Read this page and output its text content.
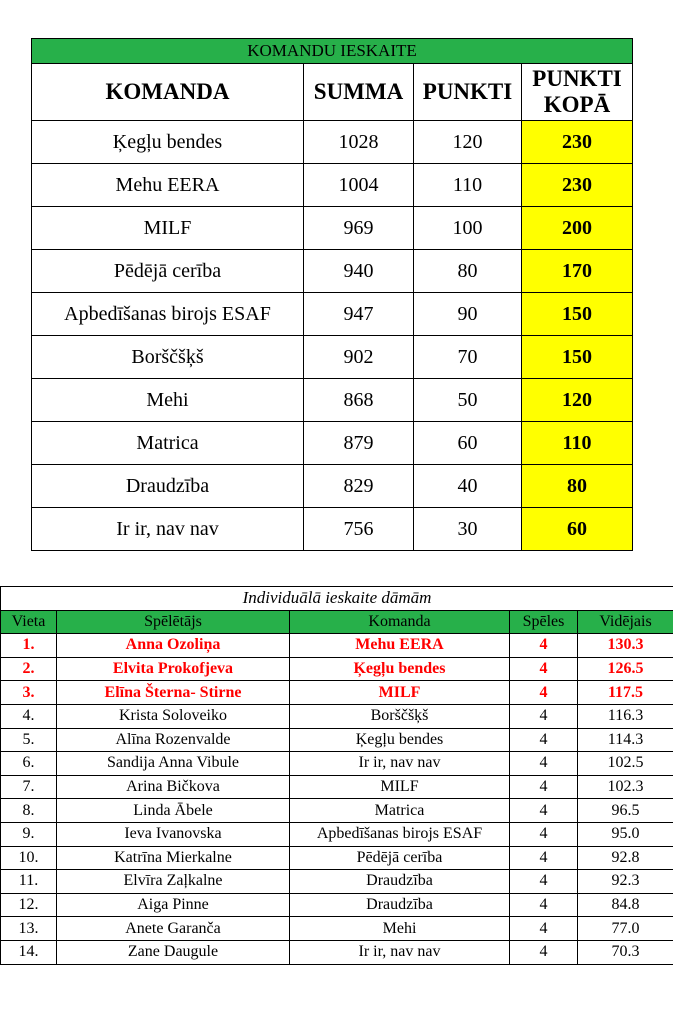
KOMANDU IESKAITE			
KOMANDA	SUMMA	PUNKTI	PUNKTI
KOPĀ
Ķegļu bendes	1028	120	230
Mehu EERA	1004	110	230
MILF	969	100	200
Pēdējā cerība	940	80	170
Apbedīšanas birojs ESAF	947	90	150
Borščšķš	902	70	150
Mehi	868	50	120
Matrica	879	60	110
Draudzība	829	40	80
Ir ir, nav nav	756	30	60
Individuālā ieskaite dāmām				
Vieta	Spēlētājs	Komanda	Spēles	Vidējais
1.	Anna Ozoliņa	Mehu EERA	4	130.3
2.	Elvita Prokofjeva	Ķegļu bendes	4	126.5
3.	Elīna Šterna- Stirne	MILF	4	117.5
4.	Krista Soloveiko	Borščšķš	4	116.3
5.	Alīna Rozenvalde	Ķegļu bendes	4	114.3
6.	Sandija Anna Vibule	Ir ir, nav nav	4	102.5
7.	Arina Bičkova	MILF	4	102.3
8.	Linda Ābele	Matrica	4	96.5
9.	Ieva Ivanovska	Apbedīšanas birojs ESAF	4	95.0
10.	Katrīna Mierkalne	Pēdējā cerība	4	92.8
11.	Elvīra Zaļkalne	Draudzība	4	92.3
12.	Aiga Pinne	Draudzība	4	84.8
13.	Anete Garanča	Mehi	4	77.0
14.	Zane Daugule	Ir ir, nav nav	4	70.3
